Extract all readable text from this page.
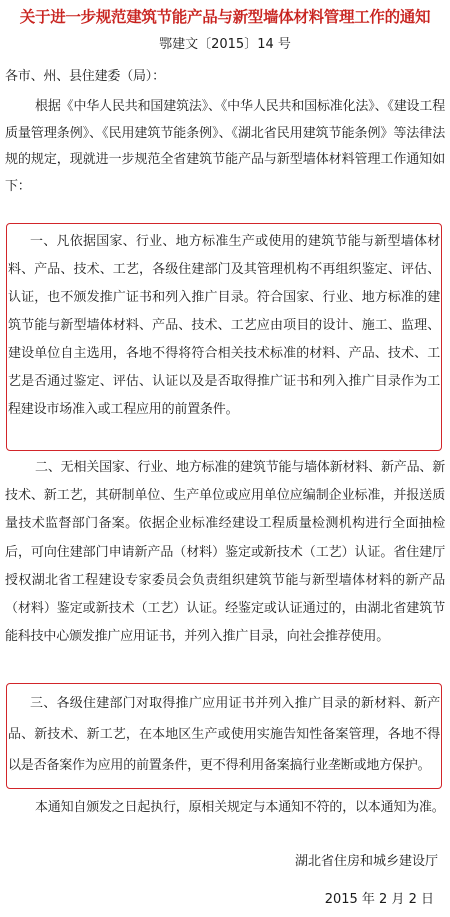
关于进一步规范建筑节能产品与新型墙体材料管理工作的通知
鄂建文〔2015〕14 号
各市、州、县住建委（局）：
根据《中华人民共和国建筑法》、《中华人民共和国标准化法》、《建设工程质量管理条例》、《民用建筑节能条例》、《湖北省民用建筑节能条例》等法律法规的规定，现就进一步规范全省建筑节能产品与新型墙体材料管理工作通知如下：
一、凡依据国家、行业、地方标准生产或使用的建筑节能与新型墙体材料、产品、技术、工艺，各级住建部门及其管理机构不再组织鉴定、评估、认证，也不颁发推广证书和列入推广目录。符合国家、行业、地方标准的建筑节能与新型墙体材料、产品、技术、工艺应由项目的设计、施工、监理、建设单位自主选用，各地不得将符合相关技术标准的材料、产品、技术、工艺是否通过鉴定、评估、认证以及是否取得推广证书和列入推广目录作为工程建设市场准入或工程应用的前置条件。
二、无相关国家、行业、地方标准的建筑节能与墙体新材料、新产品、新技术、新工艺，其研制单位、生产单位或应用单位应编制企业标准，并报送质量技术监督部门备案。依据企业标准经建设工程质量检测机构进行全面抽检后，可向住建部门申请新产品（材料）鉴定或新技术（工艺）认证。省住建厅授权湖北省工程建设专家委员会负责组织建筑节能与新型墙体材料的新产品（材料）鉴定或新技术（工艺）认证。经鉴定或认证通过的，由湖北省建筑节能科技中心颁发推广应用证书，并列入推广目录，向社会推荐使用。
三、各级住建部门对取得推广应用证书并列入推广目录的新材料、新产品、新技术、新工艺，在本地区生产或使用实施告知性备案管理，各地不得以是否备案作为应用的前置条件，更不得利用备案搞行业垄断或地方保护。
本通知自颁发之日起执行，原相关规定与本通知不符的，以本通知为准。
湖北省住房和城乡建设厅
2015 年 2 月 2 日
